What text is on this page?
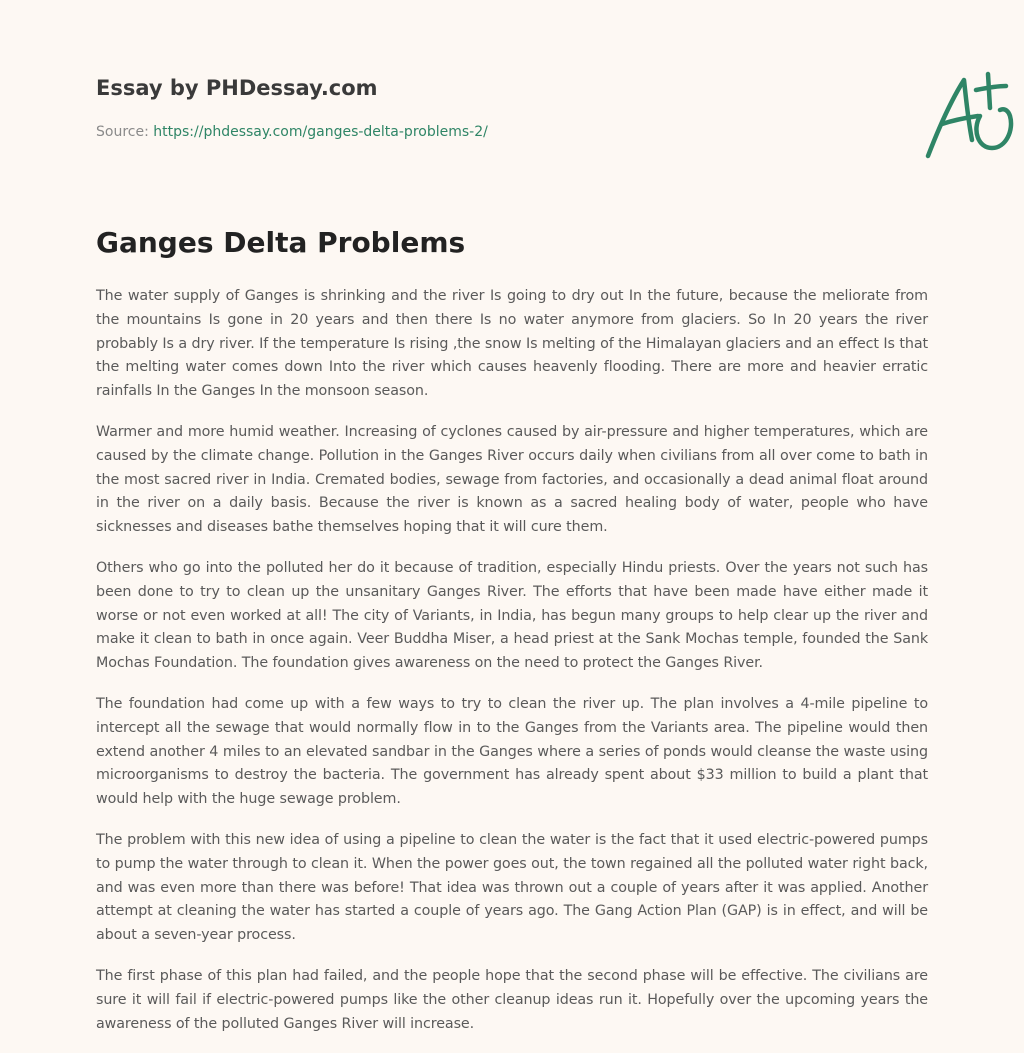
Essay by PHDessay.com
Source: https://phdessay.com/ganges-delta-problems-2/
Ganges Delta Problems

The water supply of Ganges is shrinking and the river Is going to dry out In the future, because the meliorate from the mountains Is gone in 20 years and then there Is no water anymore from glaciers. So In 20 years the river probably Is a dry river. If the temperature Is rising ,the snow Is melting of the Himalayan glaciers and an effect Is that the melting water comes down Into the river which causes heavenly flooding. There are more and heavier erratic rainfalls In the Ganges In the monsoon season.

Warmer and more humid weather. Increasing of cyclones caused by air-pressure and higher temperatures, which are caused by the climate change. Pollution in the Ganges River occurs daily when civilians from all over come to bath in the most sacred river in India. Cremated bodies, sewage from factories, and occasionally a dead animal float around in the river on a daily basis. Because the river is known as a sacred healing body of water, people who have sicknesses and diseases bathe themselves hoping that it will cure them.

Others who go into the polluted her do it because of tradition, especially Hindu priests. Over the years not such has been done to try to clean up the unsanitary Ganges River. The efforts that have been made have either made it worse or not even worked at all! The city of Variants, in India, has begun many groups to help clear up the river and make it clean to bath in once again. Veer Buddha Miser, a head priest at the Sank Mochas temple, founded the Sank Mochas Foundation. The foundation gives awareness on the need to protect the Ganges River.

The foundation had come up with a few ways to try to clean the river up. The plan involves a 4-mile pipeline to intercept all the sewage that would normally flow in to the Ganges from the Variants area. The pipeline would then extend another 4 miles to an elevated sandbar in the Ganges where a series of ponds would cleanse the waste using microorganisms to destroy the bacteria. The government has already spent about $33 million to build a plant that would help with the huge sewage problem.

The problem with this new idea of using a pipeline to clean the water is the fact that it used electric-powered pumps to pump the water through to clean it. When the power goes out, the town regained all the polluted water right back, and was even more than there was before! That idea was thrown out a couple of years after it was applied. Another attempt at cleaning the water has started a couple of years ago. The Gang Action Plan (GAP) is in effect, and will be about a seven-year process.

The first phase of this plan had failed, and the people hope that the second phase will be effective. The civilians are sure it will fail if electric-powered pumps like the other cleanup ideas run it. Hopefully over the upcoming years the awareness of the polluted Ganges River will increase.
